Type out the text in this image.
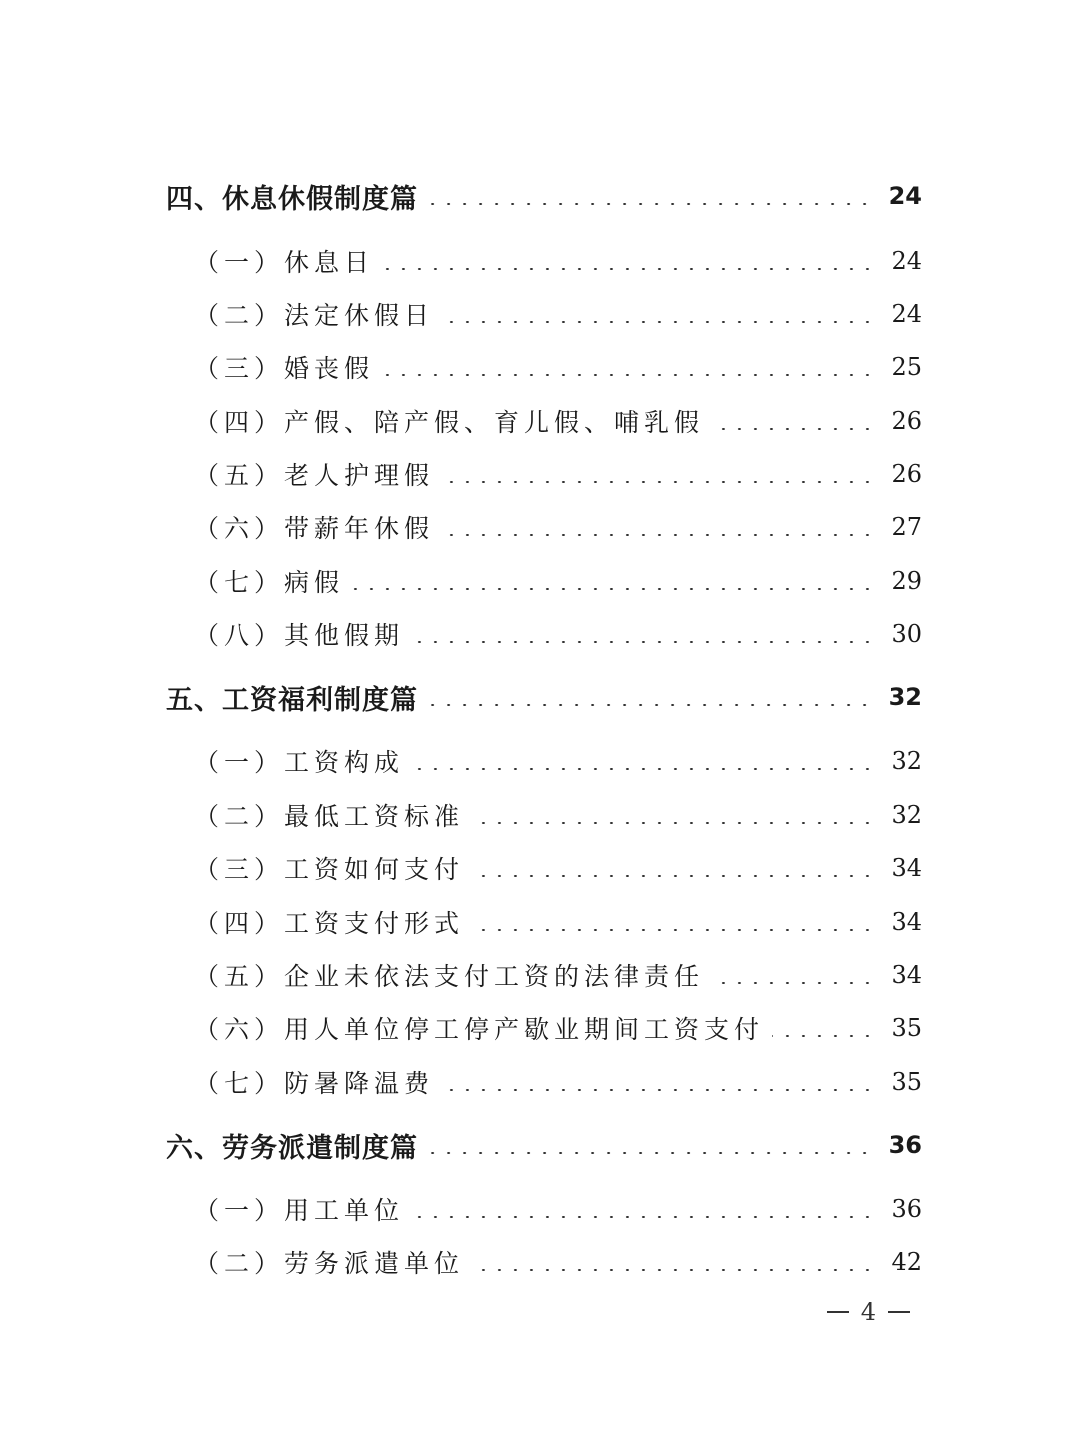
四、休息休假制度篇	24
（一）休息日	24
（二）法定休假日	24
（三）婚丧假	25
（四）产假、陪产假、育儿假、哺乳假	26
（五）老人护理假	26
（六）带薪年休假	27
（七）病假	29
（八）其他假期	30
五、工资福利制度篇	32
（一）工资构成	32
（二）最低工资标准	32
（三）工资如何支付	34
（四）工资支付形式	34
（五）企业未依法支付工资的法律责任	34
（六）用人单位停工停产歇业期间工资支付	35
（七）防暑降温费	35
六、劳务派遣制度篇	36
（一）用工单位	36
（二）劳务派遣单位	42
4
